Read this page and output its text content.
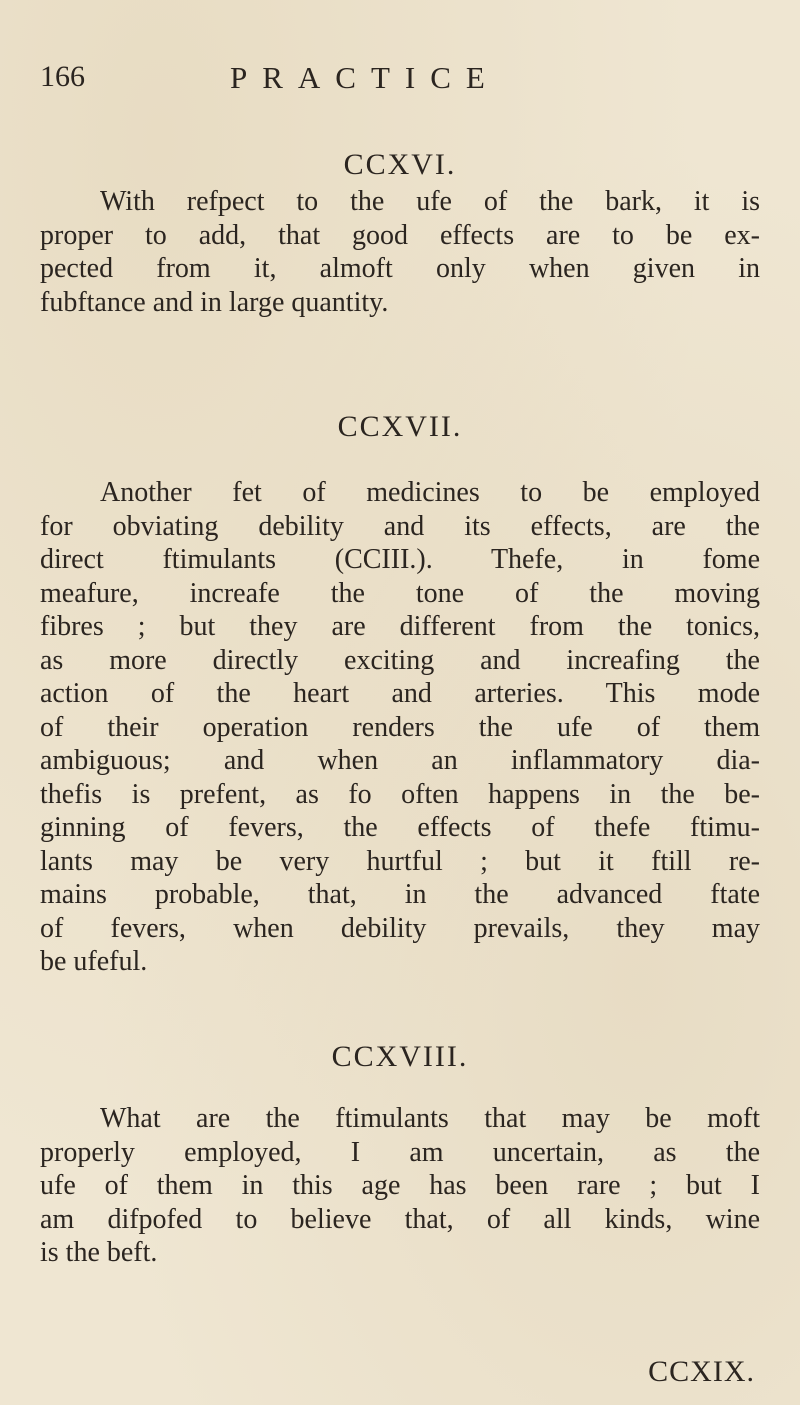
166	PRACTICE
CCXVI.

With refpect to the ufe of the bark, it is
proper to add, that good effects are to be ex-
pected from it, almoft only when given in
fubftance and in large quantity.

CCXVII.

Another fet of medicines to be employed
for obviating debility and its effects, are the
direct ftimulants (CCIII.). Thefe, in fome
meafure, increafe the tone of the moving
fibres ; but they are different from the tonics,
as more directly exciting and increafing the
action of the heart and arteries. This mode
of their operation renders the ufe of them
ambiguous; and when an inflammatory dia-
thefis is prefent, as fo often happens in the be-
ginning of fevers, the effects of thefe ftimu-
lants may be very hurtful ; but it ftill re-
mains probable, that, in the advanced ftate
of fevers, when debility prevails, they may
be ufeful.

CCXVIII.

What are the ftimulants that may be moft
properly employed, I am uncertain, as the
ufe of them in this age has been rare ; but I
am difpofed to believe that, of all kinds, wine
is the beft.

CCXIX.
